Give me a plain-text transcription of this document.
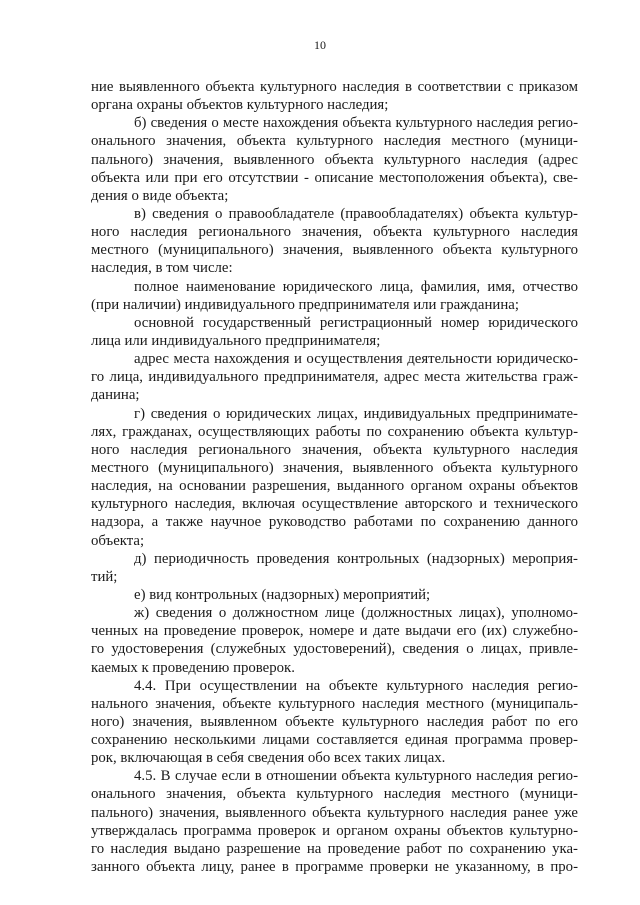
10
ние выявленного объекта культурного наследия в соответствии с приказом
органа охраны объектов культурного наследия;
б) сведения о месте нахождения объекта культурного наследия регио-
онального значения, объекта культурного наследия местного (муници-
пального) значения, выявленного объекта культурного наследия (адрес
объекта или при его отсутствии - описание местоположения объекта), све-
дения о виде объекта;
в) сведения о правообладателе (правообладателях) объекта культур-
ного наследия регионального значения, объекта культурного наследия
местного (муниципального) значения, выявленного объекта культурного
наследия, в том числе:
полное наименование юридического лица, фамилия, имя, отчество
(при наличии) индивидуального предпринимателя или гражданина;
основной государственный регистрационный номер юридического
лица или индивидуального предпринимателя;
адрес места нахождения и осуществления деятельности юридическо-
го лица, индивидуального предпринимателя, адрес места жительства граж-
данина;
г) сведения о юридических лицах, индивидуальных предпринимате-
лях, гражданах, осуществляющих работы по сохранению объекта культур-
ного наследия регионального значения, объекта культурного наследия
местного (муниципального) значения, выявленного объекта культурного
наследия, на основании разрешения, выданного органом охраны объектов
культурного наследия, включая осуществление авторского и технического
надзора, а также научное руководство работами по сохранению данного
объекта;
д) периодичность проведения контрольных (надзорных) мероприя-
тий;
е) вид контрольных (надзорных) мероприятий;
ж) сведения о должностном лице (должностных лицах), уполномо-
ченных на проведение проверок, номере и дате выдачи его (их) служебно-
го удостоверения (служебных удостоверений), сведения о лицах, привле-
каемых к проведению проверок.
4.4. При осуществлении на объекте культурного наследия регио-
нального значения, объекте культурного наследия местного (муниципаль-
ного) значения, выявленном объекте культурного наследия работ по его
сохранению несколькими лицами составляется единая программа провер-
рок, включающая в себя сведения обо всех таких лицах.
4.5. В случае если в отношении объекта культурного наследия регио-
онального значения, объекта культурного наследия местного (муници-
пального) значения, выявленного объекта культурного наследия ранее уже
утверждалась программа проверок и органом охраны объектов культурно-
го наследия выдано разрешение на проведение работ по сохранению ука-
занного объекта лицу, ранее в программе проверки не указанному, в про-
